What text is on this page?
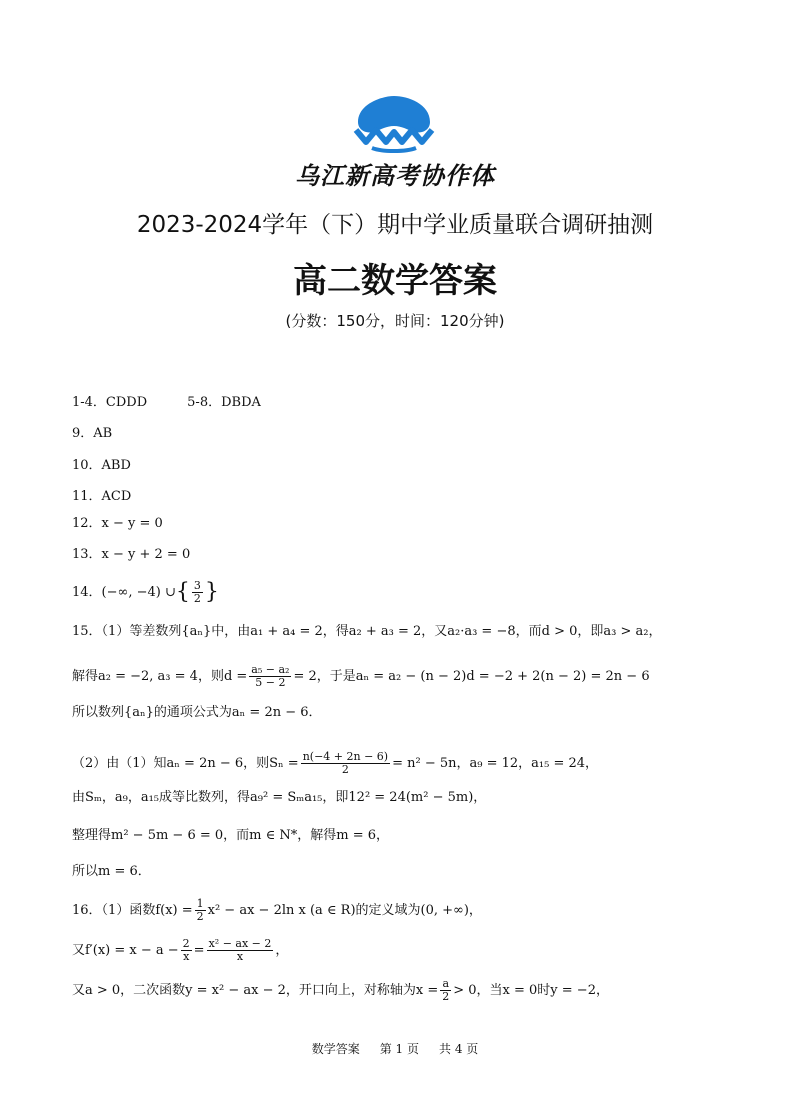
乌江新高考协作体
2023-2024学年（下）期中学业质量联合调研抽测
高二数学答案
(分数：150分，时间：120分钟)
1-4．CDDD	5-8．DBDA
9．AB
10．ABD
11．ACD
12．x − y = 0
13．x − y + 2 = 0
14．(−∞, −4) ∪{ $\frac{3}{2}$ }
15．（1）等差数列{aₙ}中，由a₁ + a₄ = 2，得a₂ + a₃ = 2，又a₂·a₃ = −8，而d > 0，即a₃ > a₂，
解得a₂ = −2, a₃ = 4，则$d = \frac{\text{a₅ − a₂}}{5 - 2} = 2$，于是aₙ = a₂ − (n − 2)d = −2 + 2(n − 2) = 2n − 6
所以数列{aₙ}的通项公式为aₙ = 2n − 6．
（2）由（1）知aₙ = 2n − 6，则$S_n = \frac{n(-4 + 2n - 6)}{2} = n^2 - 5n$，a₉ = 12，a₁₅ = 24，
由Sₘ，a₉，a₁₅成等比数列，得a₉² = Sₘa₁₅，即12² = 24(m² − 5m)，
整理得m² − 5m − 6 = 0，而m ∈ N*，解得m = 6，
所以m = 6．
16．（1）函数$f(x) = \frac{1}{2} x^2$ − ax − 2ln x (a ∈ R)的定义域为(0, +∞)，
又$f'(x) = x - a - \frac{2}{x} = \frac{\text{x² − ax − 2}}{x}$ ，
又a > 0，二次函数y = x² − ax − 2，开口向上，对称轴为$x = \frac{a}{2} > 0$，当x = 0时y = −2，
数学答案 第 1 页 共 4 页
